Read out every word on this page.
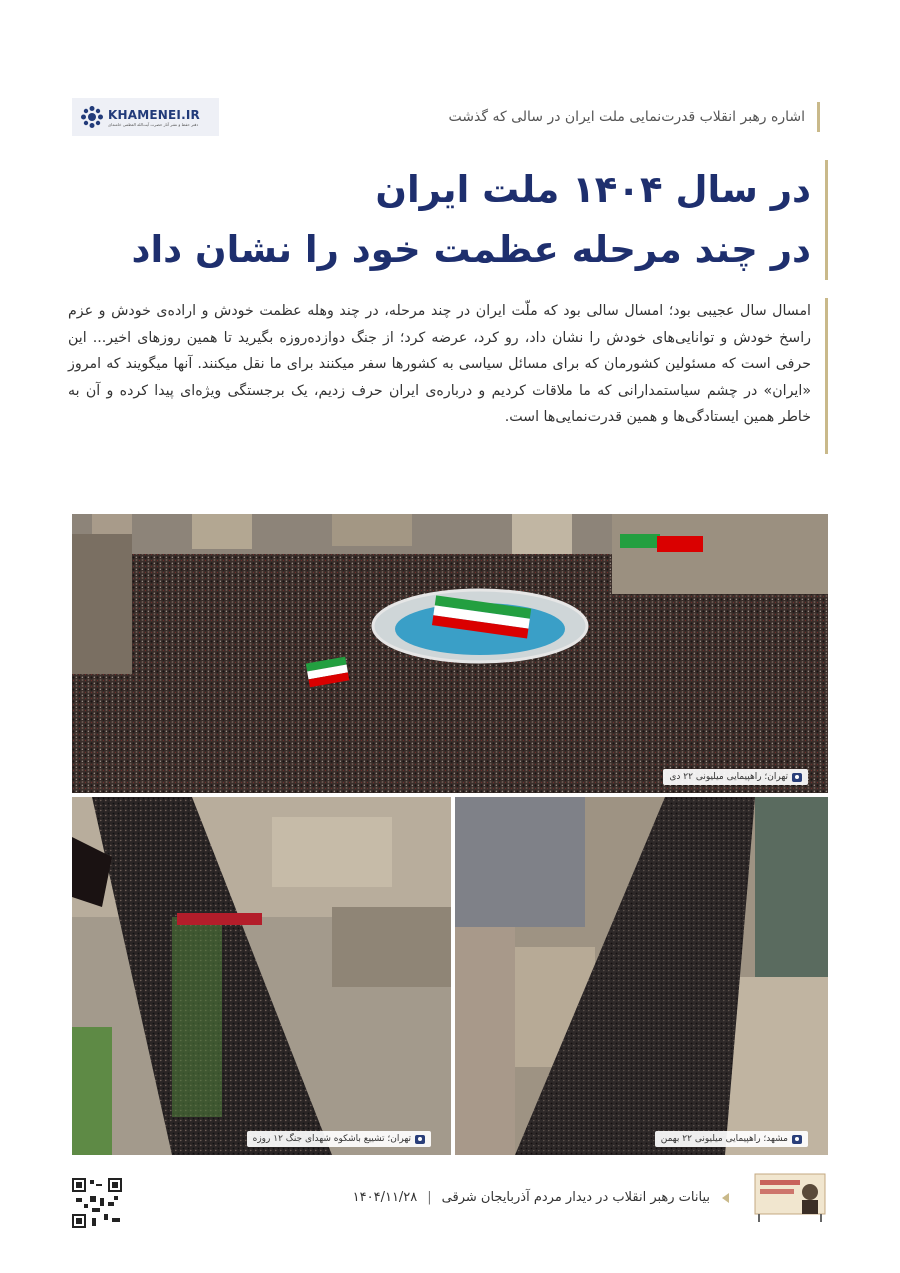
اشاره رهبر انقلاب قدرت‌نمایی ملت ایران در سالی که گذشت
KHAMENEI.IR
دفتر حفظ و نشر آثار حضرت آیت‌الله العظمی خامنه‌ای

در سال ۱۴۰۴ ملت ایران

در چند مرحله عظمت خود را نشان داد

امسال سال عجیبی بود؛ امسال سالی بود که ملّت ایران در چند مرحله، در چند وهله عظمت خودش و اراده‌ی خودش و عزم راسخ خودش و توانایی‌های خودش را نشان داد، رو کرد، عرضه کرد؛ از جنگ دوازده‌روزه بگیرید تا همین روزهای اخیر... این حرفی است که مسئولین کشورمان که برای مسائل سیاسی به کشورها سفر میکنند برای ما نقل میکنند. آنها میگویند که امروز «ایران» در چشم سیاستمدارانی که ما ملاقات کردیم و درباره‌ی ایران حرف زدیم، یک برجستگی ویژه‌ای پیدا کرده و آن به خاطر همین ایستادگی‌ها و همین قدرت‌نمایی‌ها است.

تهران؛ راهپیمایی میلیونی ۲۲ دی
تهران؛ تشییع باشکوه شهدای جنگ ۱۲ روزه	مشهد؛ راهپیمایی میلیونی ۲۲ بهمن
بیانات رهبر انقلاب در دیدار مردم آذربایجان شرقی
|
۱۴۰۴/۱۱/۲۸
